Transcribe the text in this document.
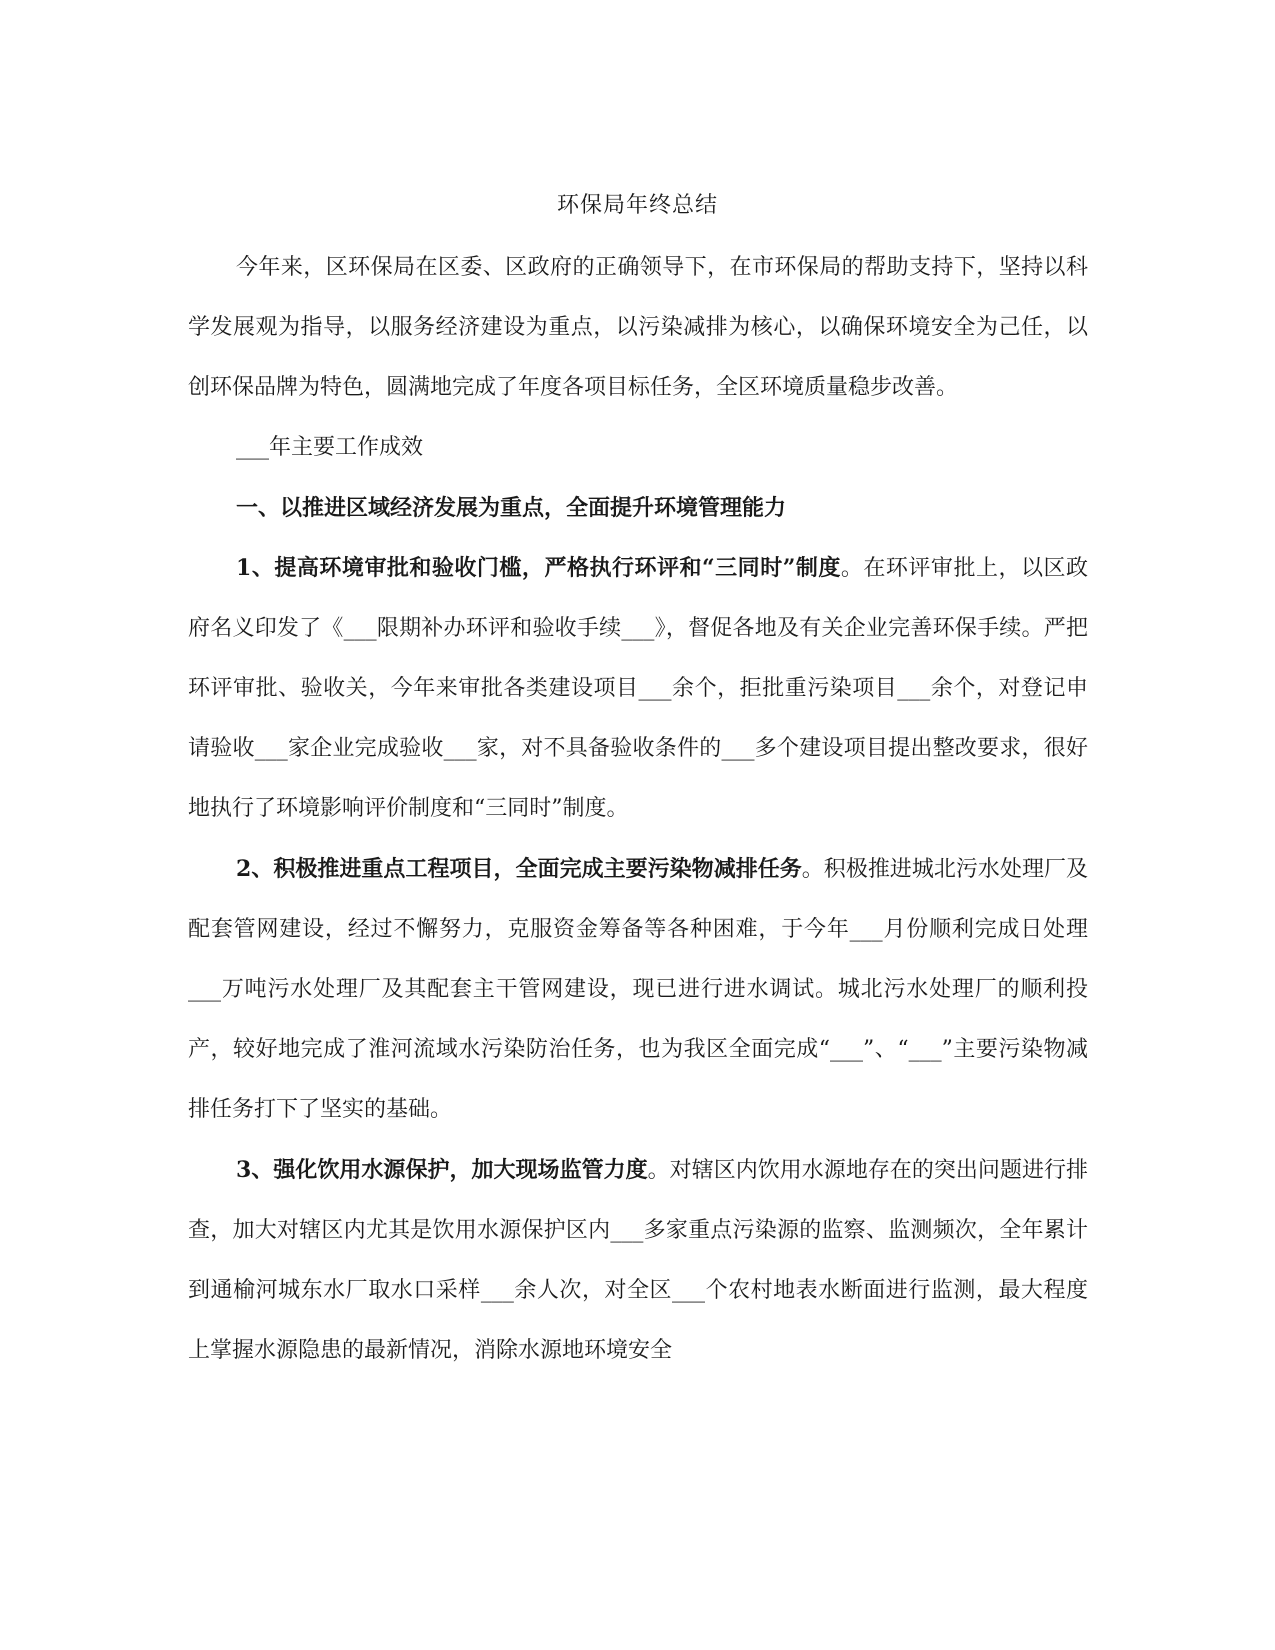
环保局年终总结

今年来，区环保局在区委、区政府的正确领导下，在市环保局的帮助支持下，坚持以科学发展观为指导，以服务经济建设为重点，以污染减排为核心，以确保环境安全为己任，以创环保品牌为特色，圆满地完成了年度各项目标任务，全区环境质量稳步改善。

___年主要工作成效

一、以推进区域经济发展为重点，全面提升环境管理能力

1、提高环境审批和验收门槛，严格执行环评和“三同时”制度。在环评审批上，以区政府名义印发了《___限期补办环评和验收手续___》，督促各地及有关企业完善环保手续。严把环评审批、验收关，今年来审批各类建设项目___余个，拒批重污染项目___余个，对登记申请验收___家企业完成验收___家，对不具备验收条件的___多个建设项目提出整改要求，很好地执行了环境影响评价制度和“三同时”制度。

2、积极推进重点工程项目，全面完成主要污染物减排任务。积极推进城北污水处理厂及配套管网建设，经过不懈努力，克服资金筹备等各种困难，于今年___月份顺利完成日处理___万吨污水处理厂及其配套主干管网建设，现已进行进水调试。城北污水处理厂的顺利投产，较好地完成了淮河流域水污染防治任务，也为我区全面完成“___”、“___”主要污染物减排任务打下了坚实的基础。

3、强化饮用水源保护，加大现场监管力度。对辖区内饮用水源地存在的突出问题进行排查，加大对辖区内尤其是饮用水源保护区内___多家重点污染源的监察、监测频次，全年累计到通榆河城东水厂取水口采样___余人次，对全区___个农村地表水断面进行监测，最大程度上掌握水源隐患的最新情况，消除水源地环境安全
